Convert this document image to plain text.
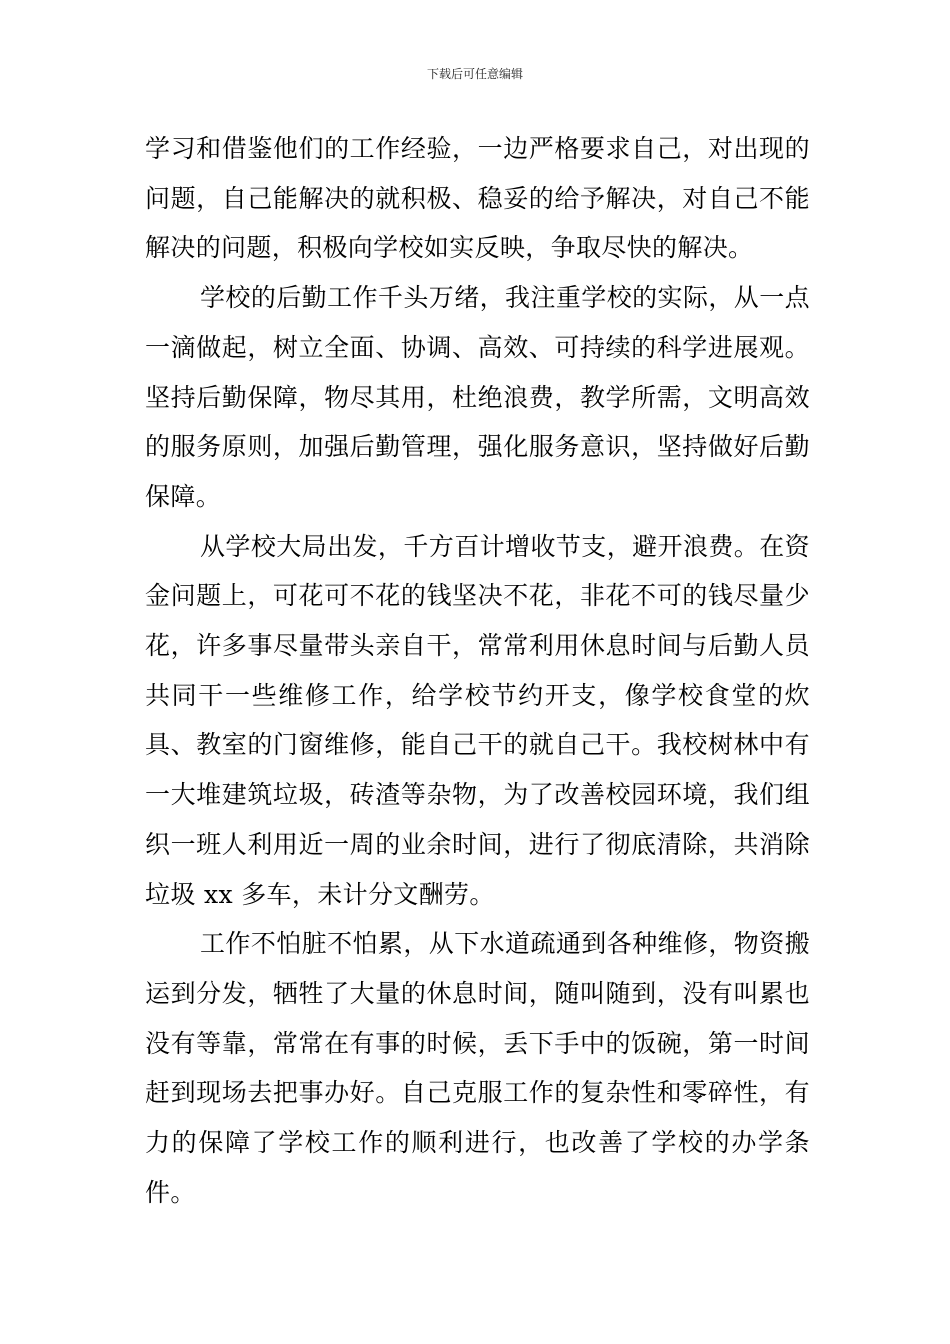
下载后可任意编辑

学习和借鉴他们的工作经验，一边严格要求自己，对出现的问题，自己能解决的就积极、稳妥的给予解决，对自己不能解决的问题，积极向学校如实反映，争取尽快的解决。

学校的后勤工作千头万绪，我注重学校的实际，从一点一滴做起，树立全面、协调、高效、可持续的科学进展观。坚持后勤保障，物尽其用，杜绝浪费，教学所需，文明高效的服务原则，加强后勤管理，强化服务意识，坚持做好后勤保障。

从学校大局出发，千方百计增收节支，避开浪费。在资金问题上，可花可不花的钱坚决不花，非花不可的钱尽量少花，许多事尽量带头亲自干，常常利用休息时间与后勤人员共同干一些维修工作，给学校节约开支，像学校食堂的炊具、教室的门窗维修，能自己干的就自己干。我校树林中有一大堆建筑垃圾，砖渣等杂物，为了改善校园环境，我们组织一班人利用近一周的业余时间，进行了彻底清除，共消除垃圾 xx 多车，未计分文酬劳。

工作不怕脏不怕累，从下水道疏通到各种维修，物资搬运到分发，牺牲了大量的休息时间，随叫随到，没有叫累也没有等靠，常常在有事的时候，丢下手中的饭碗，第一时间赶到现场去把事办好。自己克服工作的复杂性和零碎性，有力的保障了学校工作的顺利进行，也改善了学校的办学条件。
